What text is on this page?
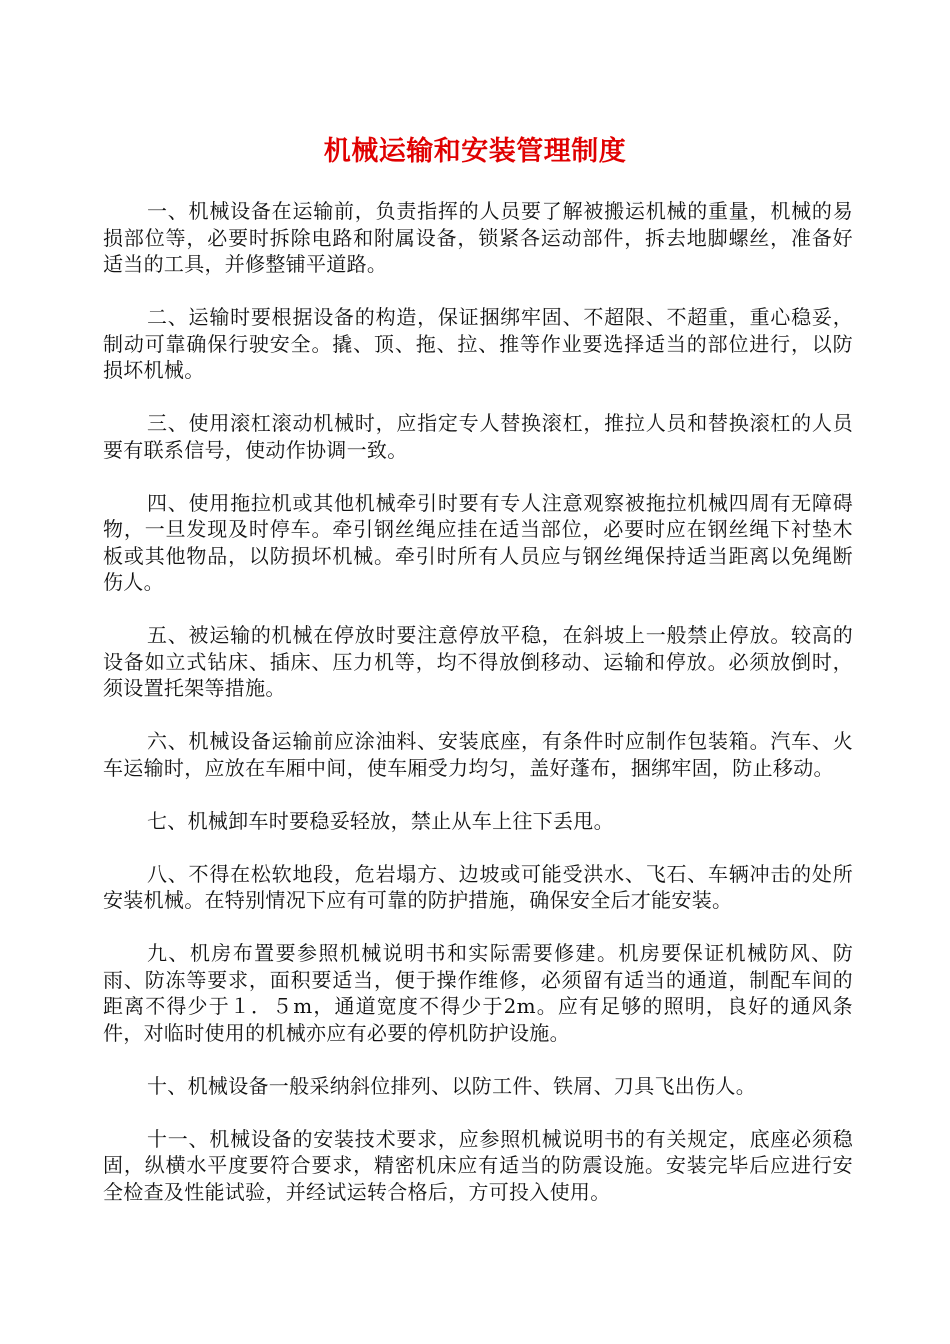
机械运输和安装管理制度

一、机械设备在运输前，负责指挥的人员要了解被搬运机械的重量，机械的易损部位等，必要时拆除电路和附属设备，锁紧各运动部件，拆去地脚螺丝，准备好适当的工具，并修整铺平道路。

二、运输时要根据设备的构造，保证捆绑牢固、不超限、不超重，重心稳妥，制动可靠确保行驶安全。撬、顶、拖、拉、推等作业要选择适当的部位进行，以防损坏机械。

三、使用滚杠滚动机械时，应指定专人替换滚杠，推拉人员和替换滚杠的人员要有联系信号，使动作协调一致。

四、使用拖拉机或其他机械牵引时要有专人注意观察被拖拉机械四周有无障碍物，一旦发现及时停车。牵引钢丝绳应挂在适当部位，必要时应在钢丝绳下衬垫木板或其他物品，以防损坏机械。牵引时所有人员应与钢丝绳保持适当距离以免绳断伤人。

五、被运输的机械在停放时要注意停放平稳，在斜坡上一般禁止停放。较高的设备如立式钻床、插床、压力机等，均不得放倒移动、运输和停放。必须放倒时，须设置托架等措施。

六、机械设备运输前应涂油料、安装底座，有条件时应制作包装箱。汽车、火车运输时，应放在车厢中间，使车厢受力均匀，盖好蓬布，捆绑牢固，防止移动。

七、机械卸车时要稳妥轻放，禁止从车上往下丢甩。

八、不得在松软地段，危岩塌方、边坡或可能受洪水、飞石、车辆冲击的处所安装机械。在特别情况下应有可靠的防护措施，确保安全后才能安装。

九、机房布置要参照机械说明书和实际需要修建。机房要保证机械防风、防雨、防冻等要求，面积要适当，便于操作维修，必须留有适当的通道，制配车间的距离不得少于１．５m，通道宽度不得少于2m。应有足够的照明，良好的通风条件，对临时使用的机械亦应有必要的停机防护设施。

十、机械设备一般采纳斜位排列、以防工件、铁屑、刀具飞出伤人。

十一、机械设备的安装技术要求，应参照机械说明书的有关规定，底座必须稳固，纵横水平度要符合要求，精密机床应有适当的防震设施。安装完毕后应进行安全检查及性能试验，并经试运转合格后，方可投入使用。
